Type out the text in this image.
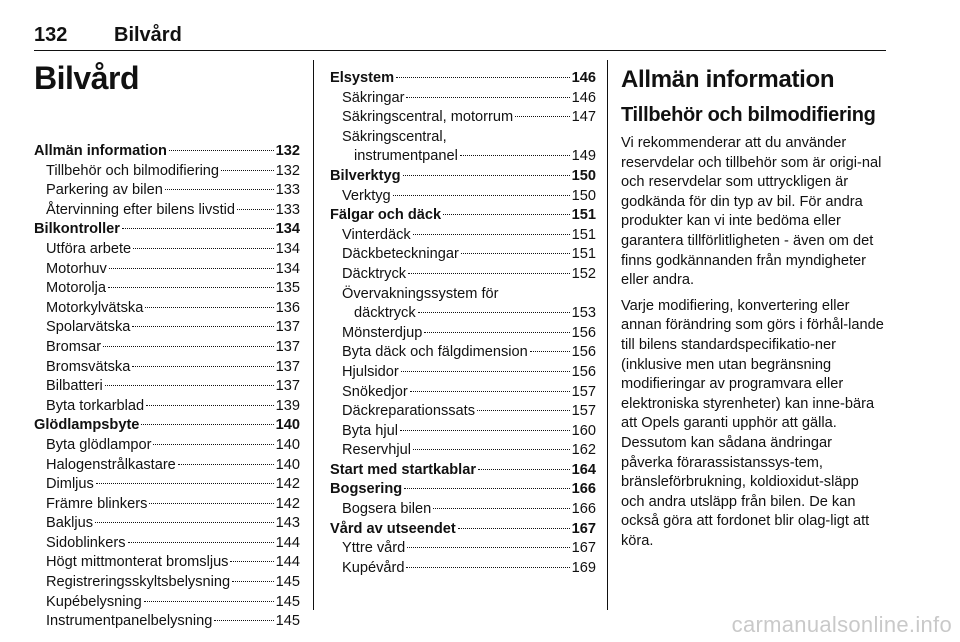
132 Bilvård
Bilvård
Allmän information	132
Tillbehör och bilmodifiering	132
Parkering av bilen	133
Återvinning efter bilens livstid	133
Bilkontroller	134
Utföra arbete	134
Motorhuv	134
Motorolja	135
Motorkylvätska	136
Spolarvätska	137
Bromsar	137
Bromsvätska	137
Bilbatteri	137
Byta torkarblad	139
Glödlampsbyte	140
Byta glödlampor	140
Halogenstrålkastare	140
Dimljus	142
Främre blinkers	142
Bakljus	143
Sidoblinkers	144
Högt mittmonterat bromsljus	144
Registreringsskyltsbelysning	145
Kupébelysning	145
Instrumentpanelbelysning	145
Elsystem	146
Säkringar	146
Säkringscentral, motorrum	147
Säkringscentral,
instrumentpanel	149
Bilverktyg	150
Verktyg	150
Fälgar och däck	151
Vinterdäck	151
Däckbeteckningar	151
Däcktryck	152
Övervakningssystem för
däcktryck	153
Mönsterdjup	156
Byta däck och fälgdimension	156
Hjulsidor	156
Snökedjor	157
Däckreparationssats	157
Byta hjul	160
Reservhjul	162
Start med startkablar	164
Bogsering	166
Bogsera bilen	166
Vård av utseendet	167
Yttre vård	167
Kupévård	169
Allmän information
Tillbehör och bilmodifiering

Vi rekommenderar att du använder reservdelar och tillbehör som är origi-nal och reservdelar som uttryckligen är godkända för din typ av bil. För andra produkter kan vi inte bedöma eller garantera tillförlitligheten - även om det finns godkännanden från myndigheter eller andra.

Varje modifiering, konvertering eller annan förändring som görs i förhål-lande till bilens standardspecifikatio-ner (inklusive men utan begränsning modifieringar av programvara eller elektroniska styrenheter) kan inne-bära att Opels garanti upphör att gälla. Dessutom kan sådana ändringar påverka förarassistanssys-tem, bränsleförbrukning, koldioxidut-släpp och andra utsläpp från bilen. De kan också göra att fordonet blir olag-ligt att köra.

carmanualsonline.info
